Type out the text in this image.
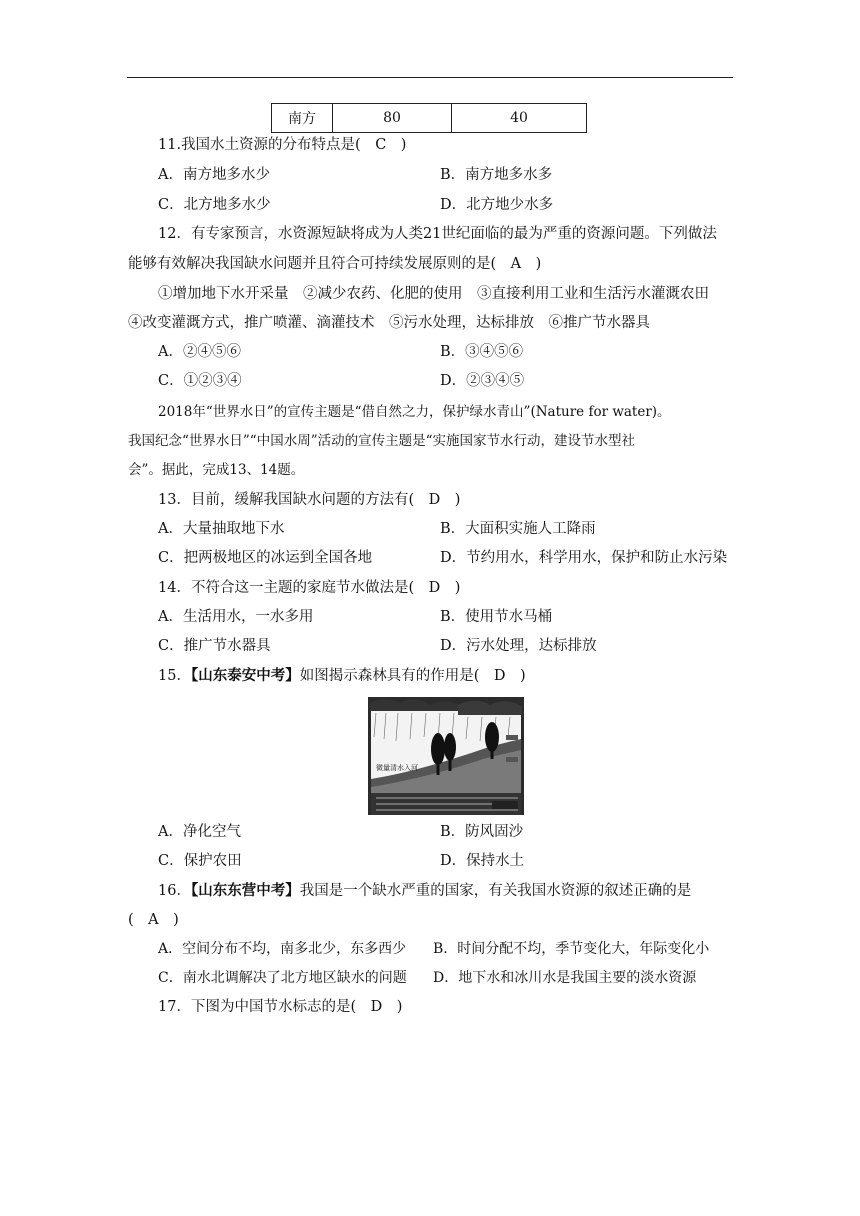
南方	80	40
11.我国水土资源的分布特点是(　C　)
A．南方地多水少	B．南方地多水多
C．北方地多水少	D．北方地少水多
12．有专家预言，水资源短缺将成为人类21世纪面临的最为严重的资源问题。下列做法
能够有效解决我国缺水问题并且符合可持续发展原则的是(　A　)
①增加地下水开采量　②减少农药、化肥的使用　③直接利用工业和生活污水灌溉农田
④改变灌溉方式，推广喷灌、滴灌技术　⑤污水处理，达标排放　⑥推广节水器具
A．②④⑤⑥	B．③④⑤⑥
C．①②③④	D．②③④⑤
2018年“世界水日”的宣传主题是“借自然之力，保护绿水青山”(Nature for water)。
我国纪念“世界水日”“中国水周”活动的宣传主题是“实施国家节水行动，建设节水型社
会”。据此，完成13、14题。
13．目前，缓解我国缺水问题的方法有(　D　)
A．大量抽取地下水	B．大面积实施人工降雨
C．把两极地区的冰运到全国各地	D．节约用水，科学用水，保护和防止水污染
14．不符合这一主题的家庭节水做法是(　D　)
A．生活用水，一水多用	B．使用节水马桶
C．推广节水器具	D．污水处理，达标排放
15．【山东泰安中考】如图揭示森林具有的作用是(　D　)
微量清水入河
A．净化空气	B．防风固沙
C．保护农田	D．保持水土
16．【山东东营中考】我国是一个缺水严重的国家，有关我国水资源的叙述正确的是
(　A　)
A．空间分布不均，南多北少，东多西少 B．时间分配不均，季节变化大，年际变化小
C．南水北调解决了北方地区缺水的问题 D．地下水和冰川水是我国主要的淡水资源
17．下图为中国节水标志的是(　D　)
